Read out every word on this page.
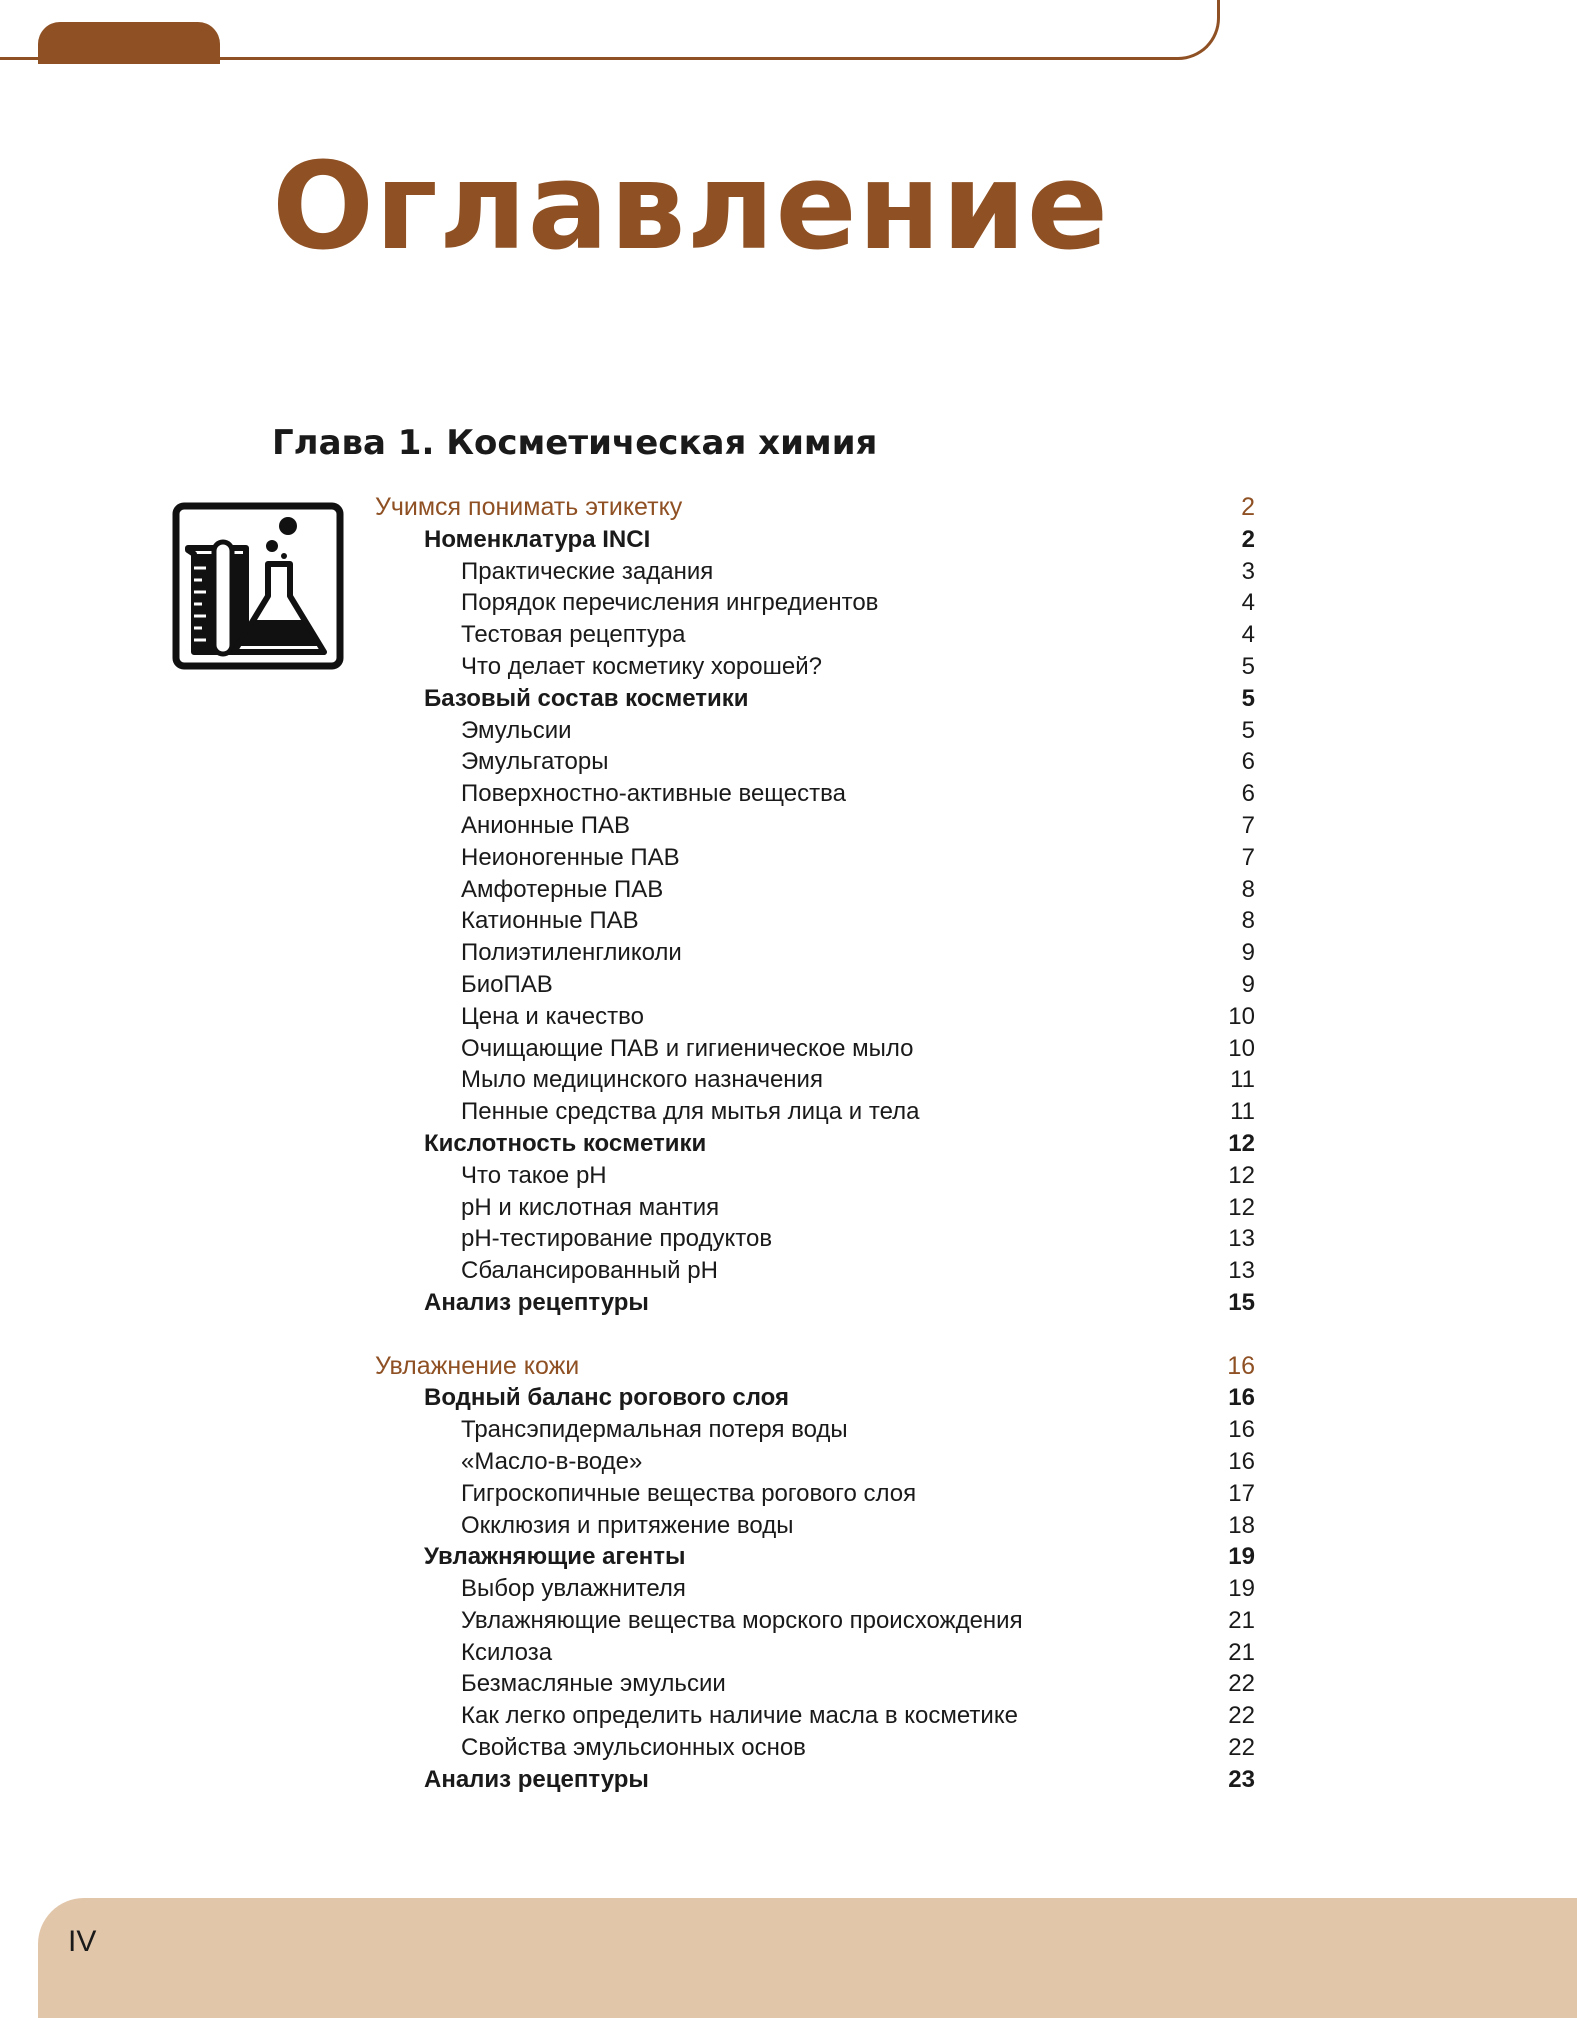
Оглавление
Глава 1. Косметическая химия
Учимся понимать этикетку	2
Номенклатура INCI	2
Практические задания	3
Порядок перечисления ингредиентов	4
Тестовая рецептура	4
Что делает косметику хорошей?	5
Базовый состав косметики	5
Эмульсии	5
Эмульгаторы	6
Поверхностно-активные вещества	6
Анионные ПАВ	7
Неионогенные ПАВ	7
Амфотерные ПАВ	8
Катионные ПАВ	8
Полиэтиленгликоли	9
БиоПАВ	9
Цена и качество	10
Очищающие ПАВ и гигиеническое мыло	10
Мыло медицинского назначения	11
Пенные средства для мытья лица и тела	11
Кислотность косметики	12
Что такое pH	12
pH и кислотная мантия	12
pH-тестирование продуктов	13
Сбалансированный pH	13
Анализ рецептуры	15
Увлажнение кожи	16
Водный баланс рогового слоя	16
Трансэпидермальная потеря воды	16
«Масло-в-воде»	16
Гигроскопичные вещества рогового слоя	17
Окклюзия и притяжение воды	18
Увлажняющие агенты	19
Выбор увлажнителя	19
Увлажняющие вещества морского происхождения	21
Ксилоза	21
Безмасляные эмульсии	22
Как легко определить наличие масла в косметике	22
Свойства эмульсионных основ	22
Анализ рецептуры	23
IV
